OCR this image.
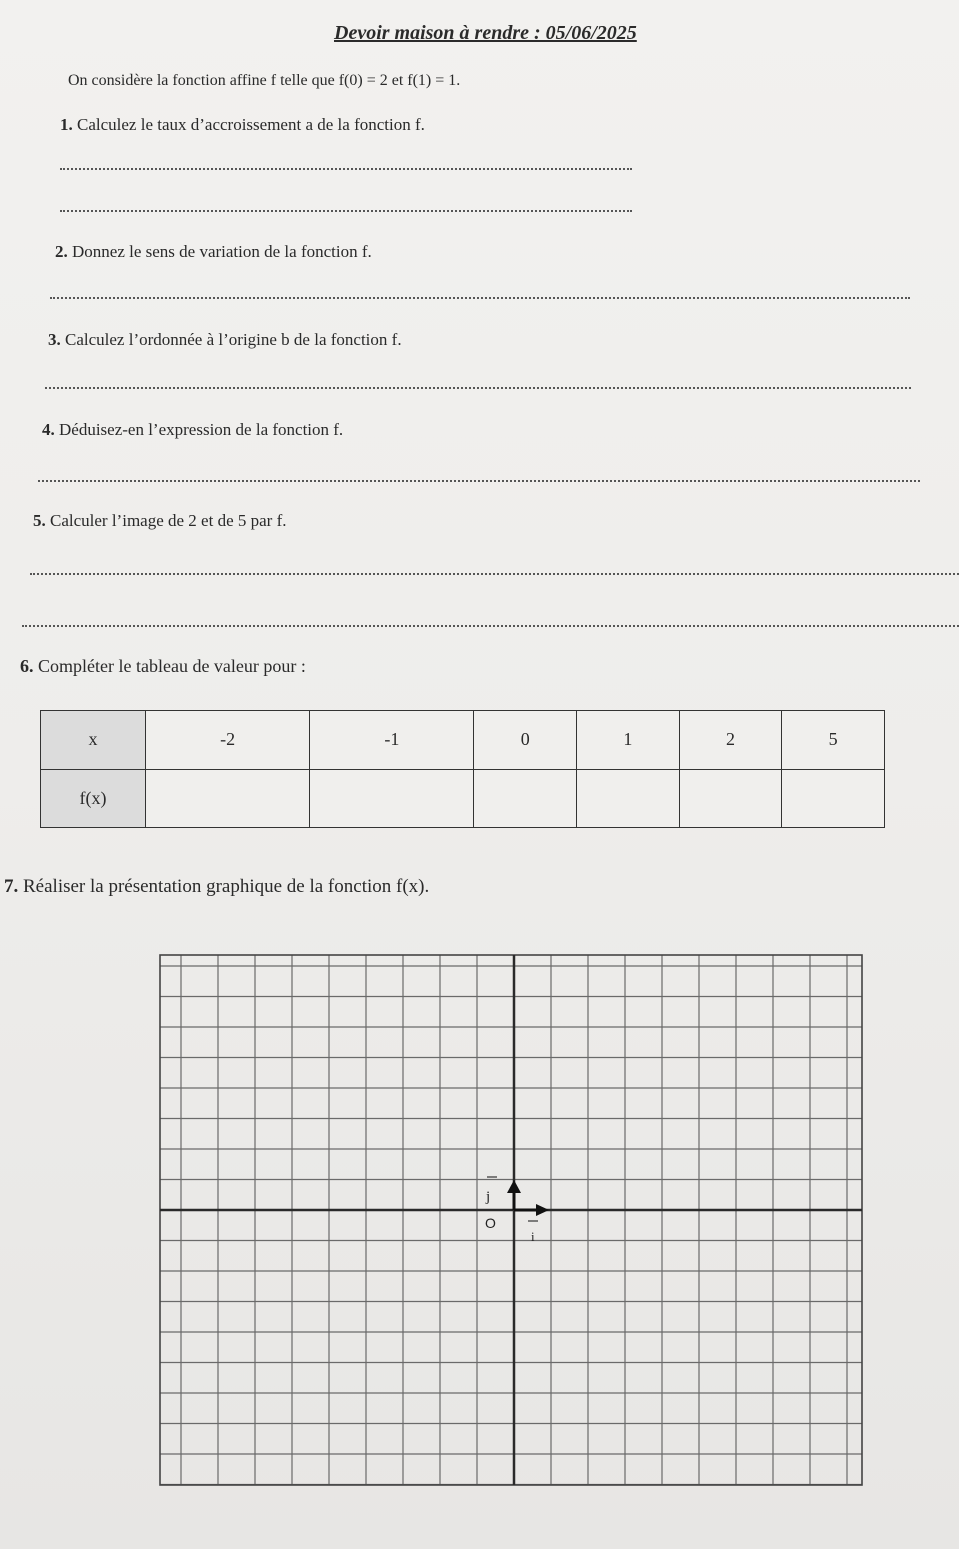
Devoir maison à rendre : 05/06/2025
On considère la fonction affine f telle que f(0) = 2 et f(1) = 1.
1. Calculez le taux d’accroissement a de la fonction f.
2. Donnez le sens de variation de la fonction f.
3. Calculez l’ordonnée à l’origine b de la fonction f.
4. Déduisez-en l’expression de la fonction f.
5. Calculer l’image de 2 et de 5 par f.
6. Compléter le tableau de valeur pour :
x	-2	-1	0	1	2	5
f(x)						
7. Réaliser la présentation graphique de la fonction f(x).
j
O
i
